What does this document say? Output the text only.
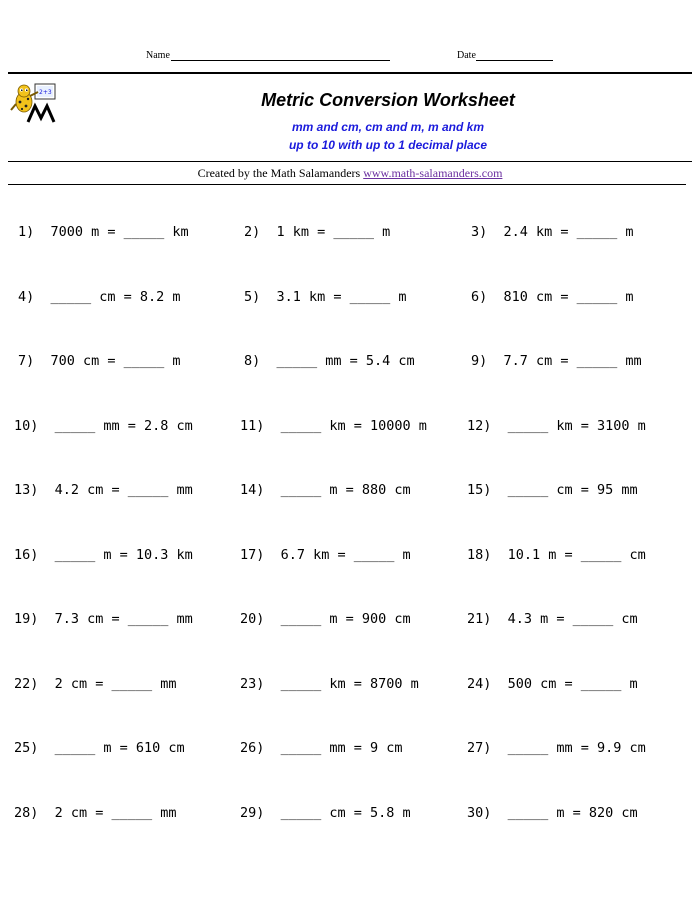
Name	Date
2+3	Metric Conversion Worksheet
mm and cm, cm and m, m and km
up to 10 with up to 1 decimal place
Created by the Math Salamanders www.math-salamanders.com
1)  7000 m = _____ km	2)  1 km = _____ m	3)  2.4 km = _____ m
4)  _____ cm = 8.2 m	5)  3.1 km = _____ m	6)  810 cm = _____ m
7)  700 cm = _____ m	8)  _____ mm = 5.4 cm	9)  7.7 cm = _____ mm
10)  _____ mm = 2.8 cm	11)  _____ km = 10000 m	12)  _____ km = 3100 m
13)  4.2 cm = _____ mm	14)  _____ m = 880 cm	15)  _____ cm = 95 mm
16)  _____ m = 10.3 km	17)  6.7 km = _____ m	18)  10.1 m = _____ cm
19)  7.3 cm = _____ mm	20)  _____ m = 900 cm	21)  4.3 m = _____ cm
22)  2 cm = _____ mm	23)  _____ km = 8700 m	24)  500 cm = _____ m
25)  _____ m = 610 cm	26)  _____ mm = 9 cm	27)  _____ mm = 9.9 cm
28)  2 cm = _____ mm	29)  _____ cm = 5.8 m	30)  _____ m = 820 cm
